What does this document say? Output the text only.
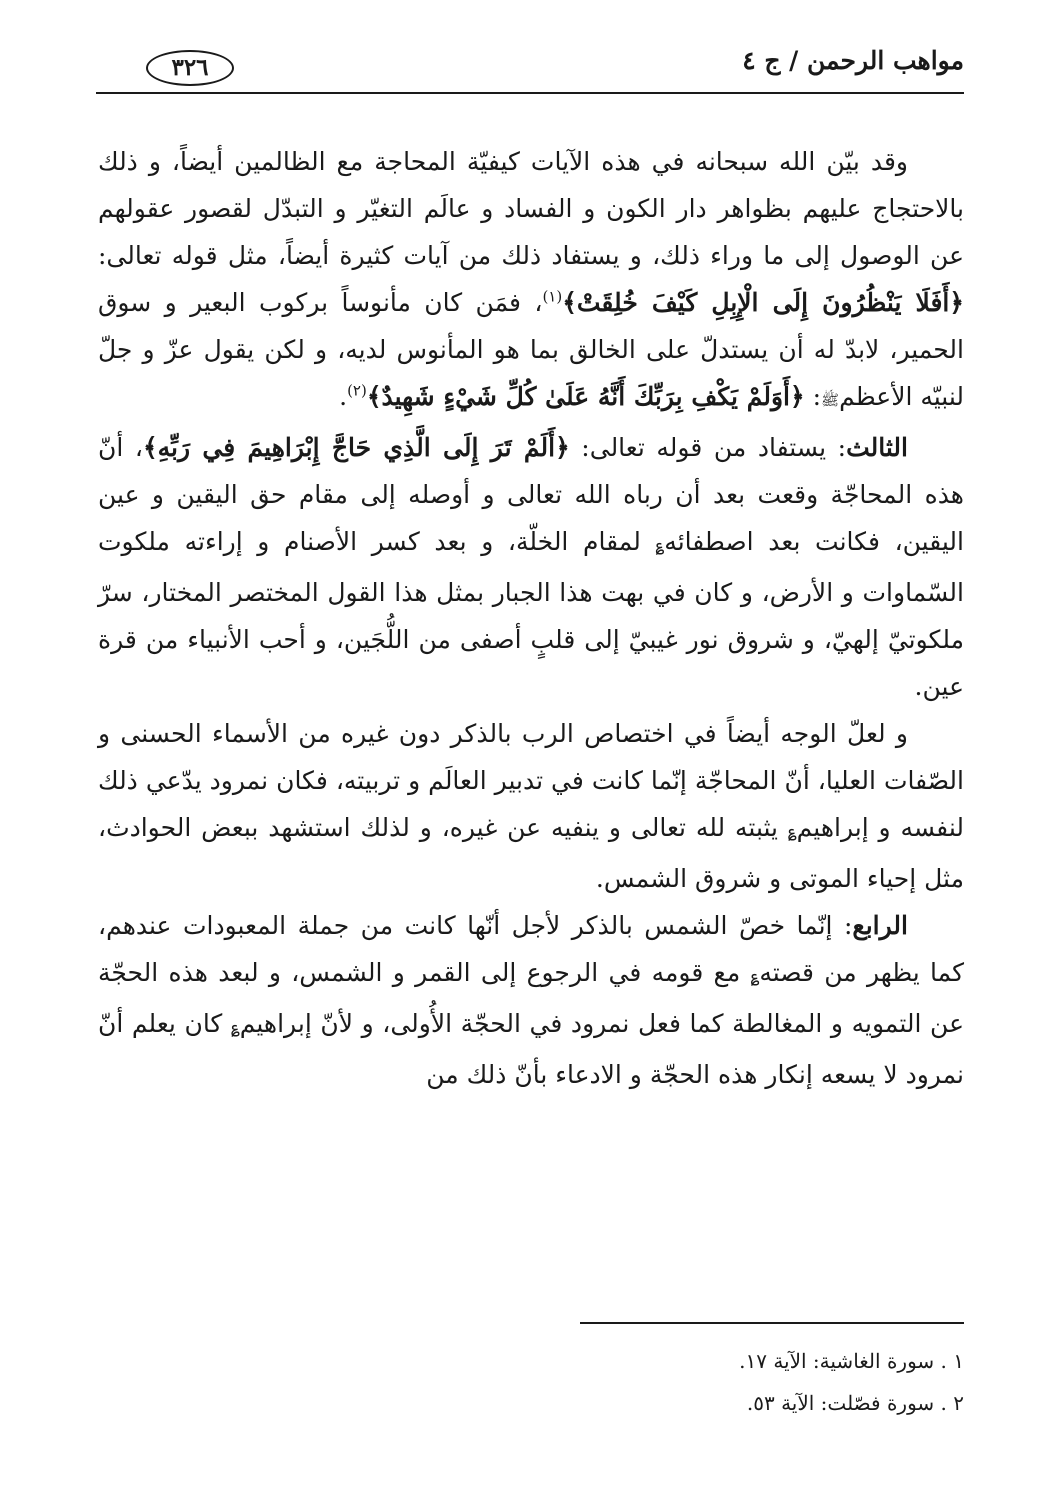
مواهب الرحمن / ج ٤
٣٢٦

وقد بيّن الله سبحانه في هذه الآيات كيفيّة المحاجة مع الظالمين أيضاً، و ذلك بالاحتجاج عليهم بظواهر دار الكون و الفساد و عالَم التغيّر و التبدّل لقصور عقولهم عن الوصول إلى ما وراء ذلك، و يستفاد ذلك من آيات كثيرة أيضاً، مثل قوله تعالى: ﴿أَفَلَا يَنْظُرُونَ إِلَى الْإِبِلِ كَيْفَ خُلِقَتْ﴾$^{(١)}$، فمَن كان مأنوساً بركوب البعير و سوق الحمير، لابدّ له أن يستدلّ على الخالق بما هو المأنوس لديه، و لكن يقول عزّ و جلّ لنبيّه الأعظمﷺ: ﴿أَوَلَمْ يَكْفِ بِرَبِّكَ أَنَّهُ عَلَىٰ كُلِّ شَيْءٍ شَهِيدٌ﴾$^{(٢)}$.

الثالث: يستفاد من قوله تعالى: ﴿أَلَمْ تَرَ إِلَى الَّذِي حَاجَّ إِبْرَاهِيمَ فِي رَبِّهِ﴾، أنّ هذه المحاجّة وقعت بعد أن رباه الله تعالى و أوصله إلى مقام حق اليقين و عين اليقين، فكانت بعد اصطفائه؏ لمقام الخلّة، و بعد كسر الأصنام و إراءته ملكوت السّماوات و الأرض، و كان في بهت هذا الجبار بمثل هذا القول المختصر المختار، سرّ ملكوتيّ إلهيّ، و شروق نور غيبيّ إلى قلبٍ أصفى من اللُّجَين، و أحب الأنبياء من قرة عين.

و لعلّ الوجه أيضاً في اختصاص الرب بالذكر دون غيره من الأسماء الحسنى و الصّفات العليا، أنّ المحاجّة إنّما كانت في تدبير العالَم و تربيته، فكان نمرود يدّعي ذلك لنفسه و إبراهيم؏ يثبته لله تعالى و ينفيه عن غيره، و لذلك استشهد ببعض الحوادث، مثل إحياء الموتى و شروق الشمس.

الرابع: إنّما خصّ الشمس بالذكر لأجل أنّها كانت من جملة المعبودات عندهم، كما يظهر من قصته؏ مع قومه في الرجوع إلى القمر و الشمس، و لبعد هذه الحجّة عن التمويه و المغالطة كما فعل نمرود في الحجّة الأُولى، و لأنّ إبراهيم؏ كان يعلم أنّ نمرود لا يسعه إنكار هذه الحجّة و الادعاء بأنّ ذلك من

١ . سورة الغاشية: الآية ١٧.

٢ . سورة فصّلت: الآية ٥٣.
